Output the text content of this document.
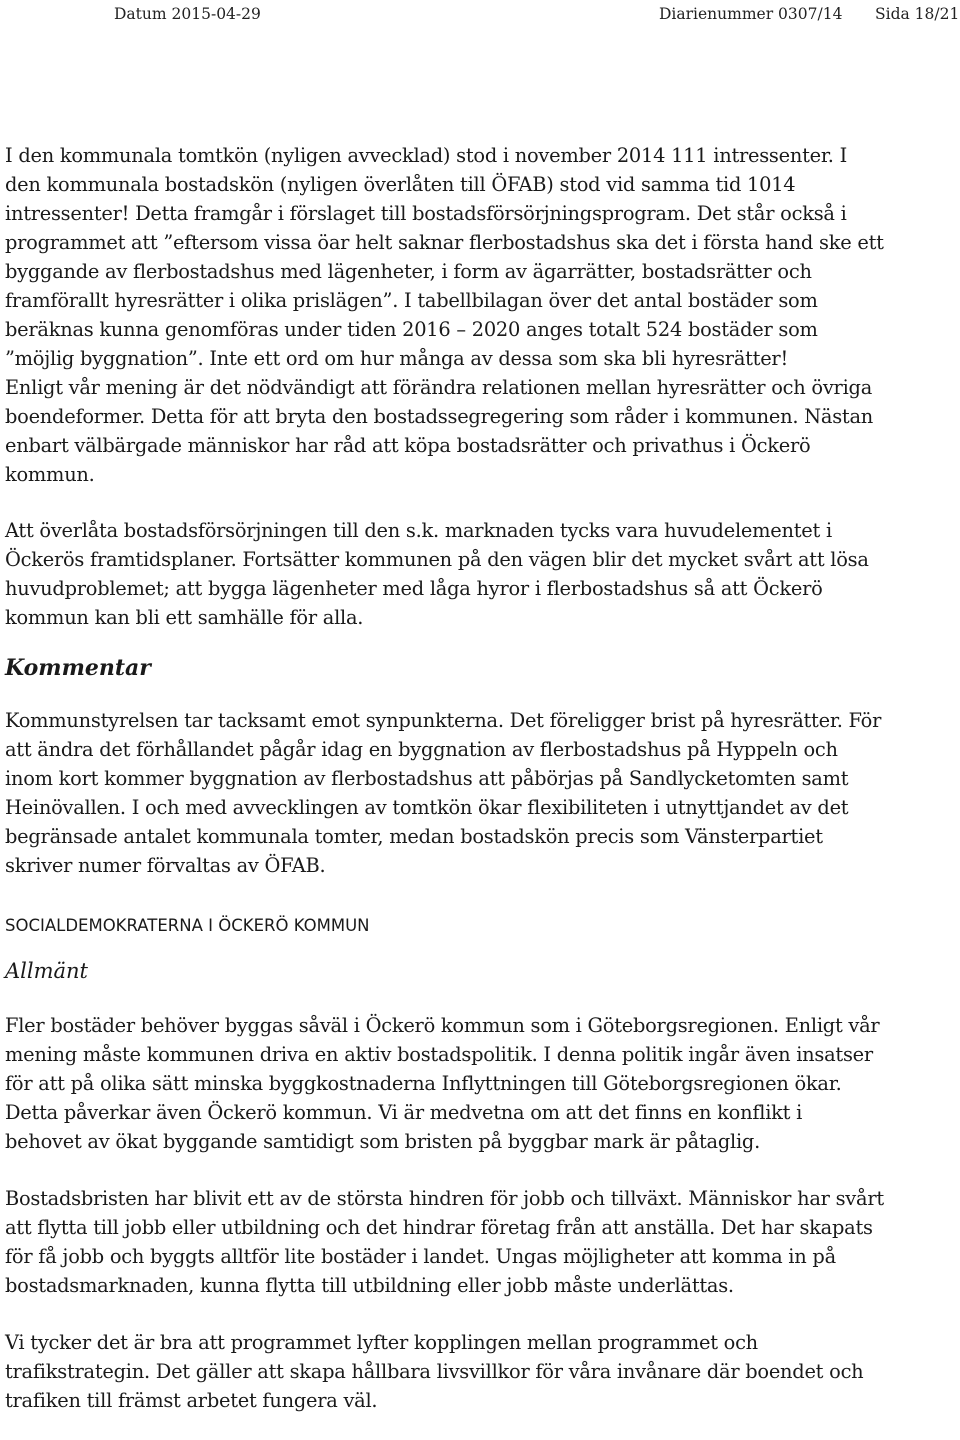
Datum 2015-04-29	Diarienummer 0307/14 Sida 18/21

I den kommunala tomtkön (nyligen avvecklad) stod i november 2014 111 intressenter. I
den kommunala bostadskön (nyligen överlåten till ÖFAB) stod vid samma tid 1014
intressenter! Detta framgår i förslaget till bostadsförsörjningsprogram. Det står också i
programmet att ”eftersom vissa öar helt saknar flerbostadshus ska det i första hand ske ett
byggande av flerbostadshus med lägenheter, i form av ägarrätter, bostadsrätter och
framförallt hyresrätter i olika prislägen”. I tabellbilagan över det antal bostäder som
beräknas kunna genomföras under tiden 2016 – 2020 anges totalt 524 bostäder som
”möjlig byggnation”. Inte ett ord om hur många av dessa som ska bli hyresrätter!
Enligt vår mening är det nödvändigt att förändra relationen mellan hyresrätter och övriga
boendeformer. Detta för att bryta den bostadssegregering som råder i kommunen. Nästan
enbart välbärgade människor har råd att köpa bostadsrätter och privathus i Öckerö
kommun.

Att överlåta bostadsförsörjningen till den s.k. marknaden tycks vara huvudelementet i
Öckerös framtidsplaner. Fortsätter kommunen på den vägen blir det mycket svårt att lösa
huvudproblemet; att bygga lägenheter med låga hyror i flerbostadshus så att Öckerö
kommun kan bli ett samhälle för alla.

Kommentar

Kommunstyrelsen tar tacksamt emot synpunkterna. Det föreligger brist på hyresrätter. För
att ändra det förhållandet pågår idag en byggnation av flerbostadshus på Hyppeln och
inom kort kommer byggnation av flerbostadshus att påbörjas på Sandlycketomten samt
Heinövallen. I och med avvecklingen av tomtkön ökar flexibiliteten i utnyttjandet av det
begränsade antalet kommunala tomter, medan bostadskön precis som Vänsterpartiet
skriver numer förvaltas av ÖFAB.

SOCIALDEMOKRATERNA I ÖCKERÖ KOMMUN

Allmänt

Fler bostäder behöver byggas såväl i Öckerö kommun som i Göteborgsregionen. Enligt vår
mening måste kommunen driva en aktiv bostadspolitik. I denna politik ingår även insatser
för att på olika sätt minska byggkostnaderna Inflyttningen till Göteborgsregionen ökar.
Detta påverkar även Öckerö kommun. Vi är medvetna om att det finns en konflikt i
behovet av ökat byggande samtidigt som bristen på byggbar mark är påtaglig.

Bostadsbristen har blivit ett av de största hindren för jobb och tillväxt. Människor har svårt
att flytta till jobb eller utbildning och det hindrar företag från att anställa. Det har skapats
för få jobb och byggts alltför lite bostäder i landet. Ungas möjligheter att komma in på
bostadsmarknaden, kunna flytta till utbildning eller jobb måste underlättas.

Vi tycker det är bra att programmet lyfter kopplingen mellan programmet och
trafikstrategin. Det gäller att skapa hållbara livsvillkor för våra invånare där boendet och
trafiken till främst arbetet fungera väl.
